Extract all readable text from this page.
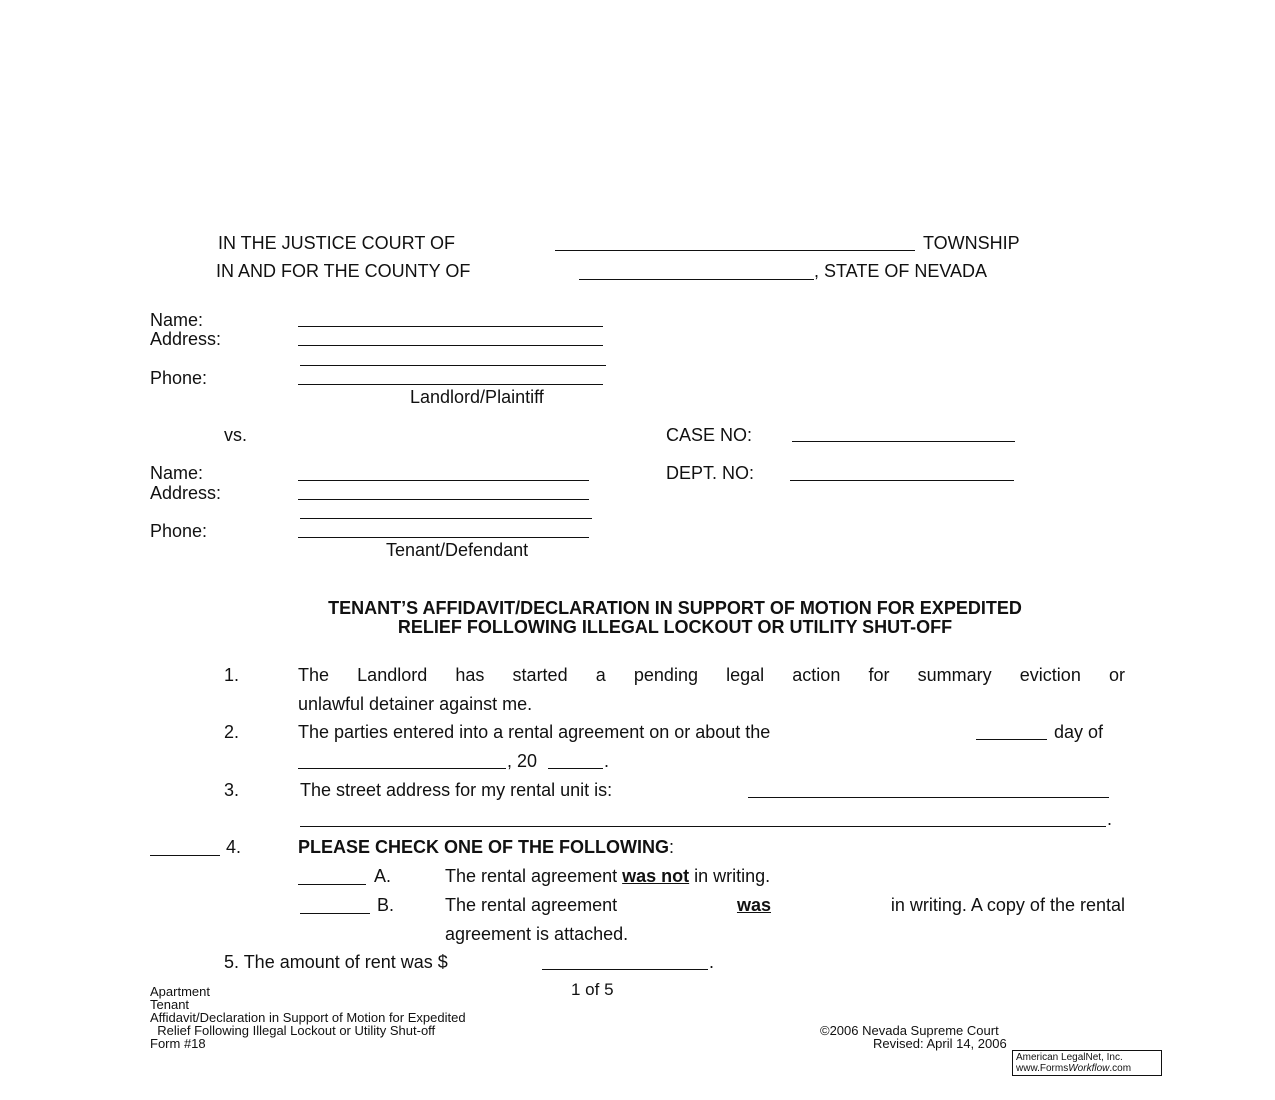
IN THE JUSTICE COURT OF	TOWNSHIP
IN AND FOR THE COUNTY OF	, STATE OF NEVADA
Name:
Address:
Phone:
Landlord/Plaintiff
vs.	CASE NO:
Name:	DEPT. NO:
Address:
Phone:
Tenant/Defendant
TENANT’S AFFIDAVIT/DECLARATION IN SUPPORT OF MOTION FOR EXPEDITED
RELIEF FOLLOWING ILLEGAL LOCKOUT OR UTILITY SHUT-OFF
1.	The Landlord has started a pending legal action for summary eviction or
unlawful detainer against me.
2.	The parties entered into a rental agreement on or about the	day of
, 20	.
3.	The street address for my rental unit is:
.
4.	PLEASE CHECK ONE OF THE FOLLOWING:
A.	The rental agreement was not in writing.
B.	The rental agreement	was	in writing. A copy of the rental
agreement is attached.
5. The amount of rent was $	.
Apartment
Tenant
Affidavit/Declaration in Support of Motion for Expedited
Relief Following Illegal Lockout or Utility Shut-off
Form #18
1 of 5
©2006 Nevada Supreme Court
Revised: April 14, 2006
American LegalNet, Inc.
www.FormsWorkflow.com
